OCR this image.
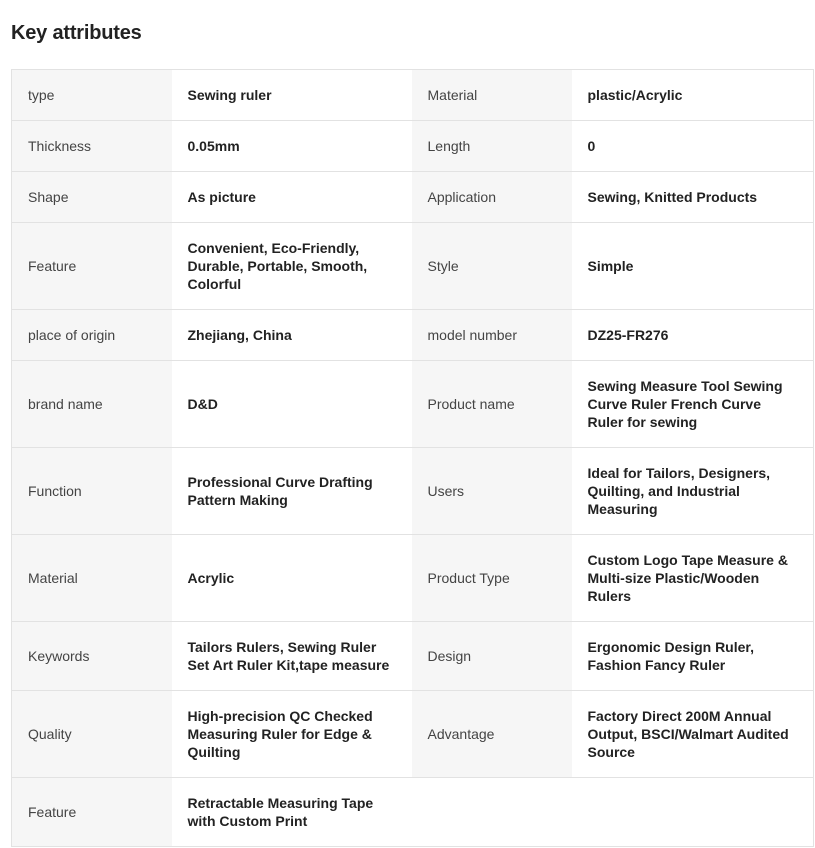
Key attributes
type	Sewing ruler	Material	plastic/Acrylic
Thickness	0.05mm	Length	0
Shape	As picture	Application	Sewing, Knitted Products
Feature	Convenient, Eco-Friendly, Durable, Portable, Smooth, Colorful	Style	Simple
place of origin	Zhejiang, China	model number	DZ25-FR276
brand name	D&D	Product name	Sewing Measure Tool Sewing Curve Ruler French Curve Ruler for sewing
Function	Professional Curve Drafting Pattern Making	Users	Ideal for Tailors, Designers, Quilting, and Industrial Measuring
Material	Acrylic	Product Type	Custom Logo Tape Measure & Multi-size Plastic/Wooden Rulers
Keywords	Tailors Rulers, Sewing Ruler Set Art Ruler Kit,tape measure	Design	Ergonomic Design Ruler, Fashion Fancy Ruler
Quality	High-precision QC Checked Measuring Ruler for Edge & Quilting	Advantage	Factory Direct 200M Annual Output, BSCI/Walmart Audited Source
Feature	Retractable Measuring Tape with Custom Print		
